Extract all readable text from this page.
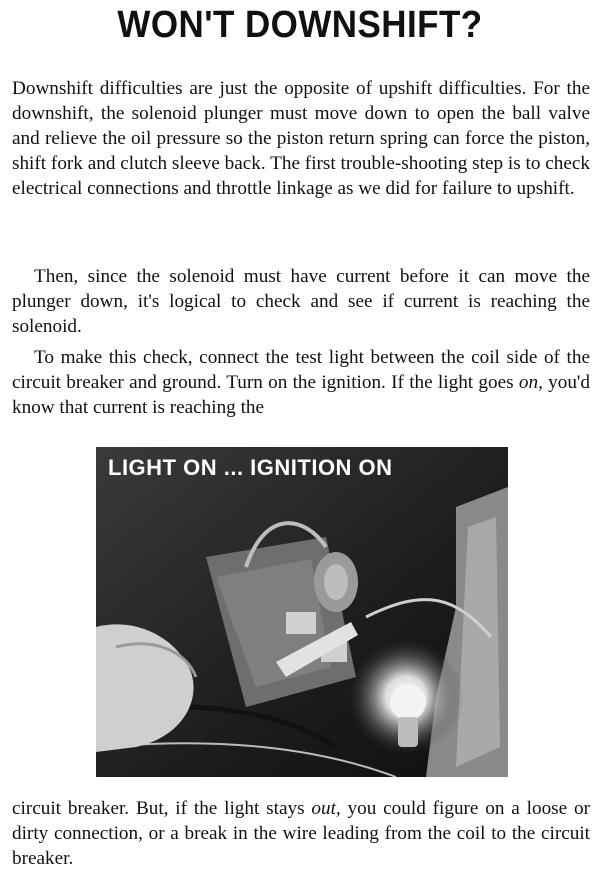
WON'T DOWNSHIFT?

Downshift difficulties are just the opposite of upshift difficulties. For the downshift, the solenoid plunger must move down to open the ball valve and relieve the oil pressure so the piston return spring can force the piston, shift fork and clutch sleeve back. The first trouble-shooting step is to check electrical connections and throttle linkage as we did for failure to upshift.

Then, since the solenoid must have current before it can move the plunger down, it's logical to check and see if current is reaching the solenoid.

To make this check, connect the test light between the coil side of the circuit breaker and ground. Turn on the ignition. If the light goes on, you'd know that current is reaching the

LIGHT ON ... IGNITION ON

circuit breaker. But, if the light stays out, you could figure on a loose or dirty connection, or a break in the wire leading from the coil to the circuit breaker.
